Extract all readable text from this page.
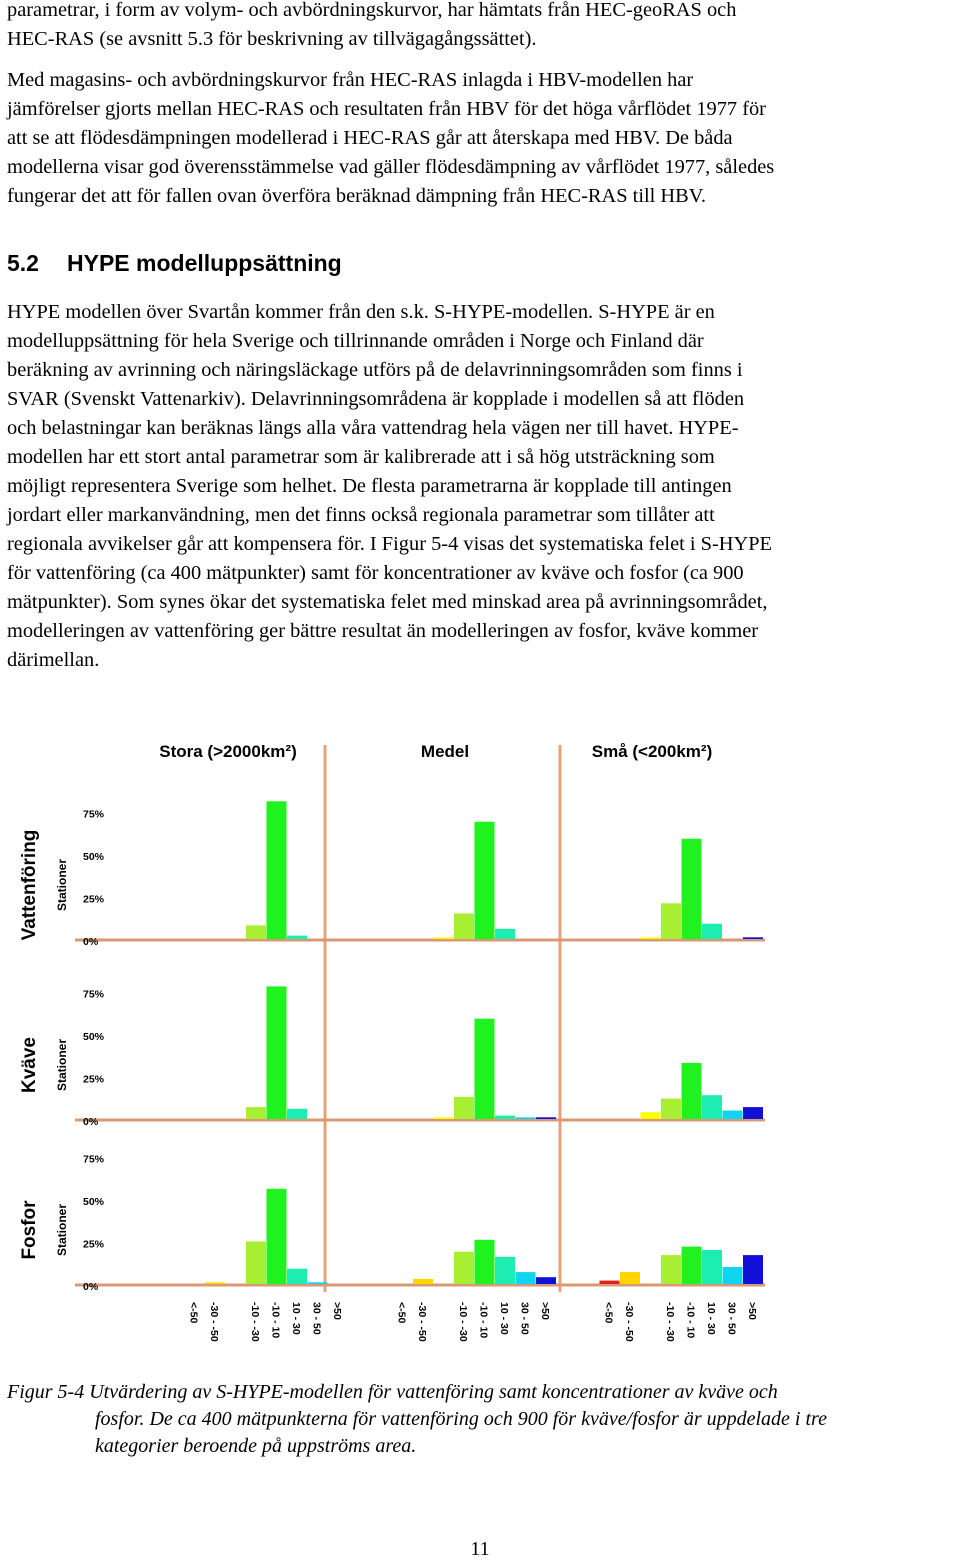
parametrar, i form av volym- och avbördningskurvor, har hämtats från HEC-geoRAS och
HEC-RAS (se avsnitt 5.3 för beskrivning av tillvägagångssättet).
Med magasins- och avbördningskurvor från HEC-RAS inlagda i HBV-modellen har
jämförelser gjorts mellan HEC-RAS och resultaten från HBV för det höga vårflödet 1977 för
att se att flödesdämpningen modellerad i HEC-RAS går att återskapa med HBV. De båda
modellerna visar god överensstämmelse vad gäller flödesdämpning av vårflödet 1977, således
fungerar det att för fallen ovan överföra beräknad dämpning från HEC-RAS till HBV.
5.2 HYPE modelluppsättning
HYPE modellen över Svartån kommer från den s.k. S-HYPE-modellen. S-HYPE är en
modelluppsättning för hela Sverige och tillrinnande områden i Norge och Finland där
beräkning av avrinning och näringsläckage utförs på de delavrinningsområden som finns i
SVAR (Svenskt Vattenarkiv). Delavrinningsområdena är kopplade i modellen så att flöden
och belastningar kan beräknas längs alla våra vattendrag hela vägen ner till havet. HYPE-
modellen har ett stort antal parametrar som är kalibrerade att i så hög utsträckning som
möjligt representera Sverige som helhet. De flesta parametrarna är kopplade till antingen
jordart eller markanvändning, men det finns också regionala parametrar som tillåter att
regionala avvikelser går att kompensera för. I Figur 5-4 visas det systematiska felet i S-HYPE
för vattenföring (ca 400 mätpunkter) samt för koncentrationer av kväve och fosfor (ca 900
mätpunkter). Som synes ökar det systematiska felet med minskad area på avrinningsområdet,
modelleringen av vattenföring ger bättre resultat än modelleringen av fosfor, kväve kommer
därimellan.
Stora (>2000km²)	Medel	Små (<200km²)
0%
25%
50%
75%
Vattenföring Stationer
0%
25%
50%
75%
Kväve Stationer
0%
25%
50%
75%
Fosfor Stationer
<-50 -30 - -50	-10 - -30 -10 - 10 10 - 30 30 - 50 >50	<-50 -30 - -50	-10 - -30 -10 - 10 10 - 30 30 - 50 >50	<-50 -30 - -50	-10 - -30 -10 - 10 10 - 30 30 - 50 >50
Figur 5-4 Utvärdering av S-HYPE-modellen för vattenföring samt koncentrationer av kväve och
fosfor. De ca 400 mätpunkterna för vattenföring och 900 för kväve/fosfor är uppdelade i tre
kategorier beroende på uppströms area.
11
